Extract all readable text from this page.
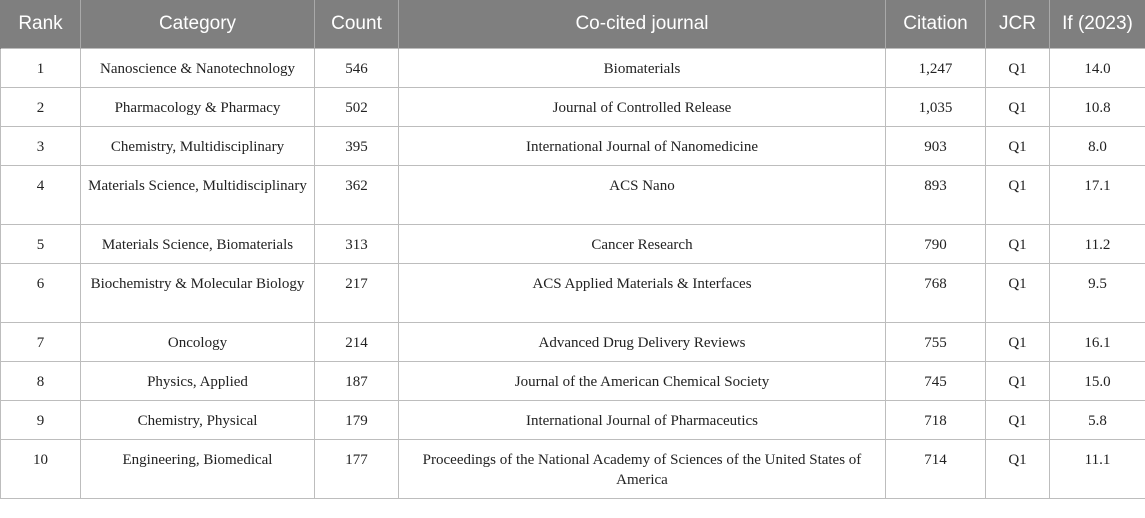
Rank	Category	Count	Co-cited journal	Citation	JCR	If (2023)
1	Nanoscience & Nanotechnology	546	Biomaterials	1,247	Q1	14.0
2	Pharmacology & Pharmacy	502	Journal of Controlled Release	1,035	Q1	10.8
3	Chemistry, Multidisciplinary	395	International Journal of Nanomedicine	903	Q1	8.0
4	Materials Science, Multidisciplinary	362	ACS Nano	893	Q1	17.1
5	Materials Science, Biomaterials	313	Cancer Research	790	Q1	11.2
6	Biochemistry & Molecular Biology	217	ACS Applied Materials & Interfaces	768	Q1	9.5
7	Oncology	214	Advanced Drug Delivery Reviews	755	Q1	16.1
8	Physics, Applied	187	Journal of the American Chemical Society	745	Q1	15.0
9	Chemistry, Physical	179	International Journal of Pharmaceutics	718	Q1	5.8
10	Engineering, Biomedical	177	Proceedings of the National Academy of Sciences of the United States of America	714	Q1	11.1
